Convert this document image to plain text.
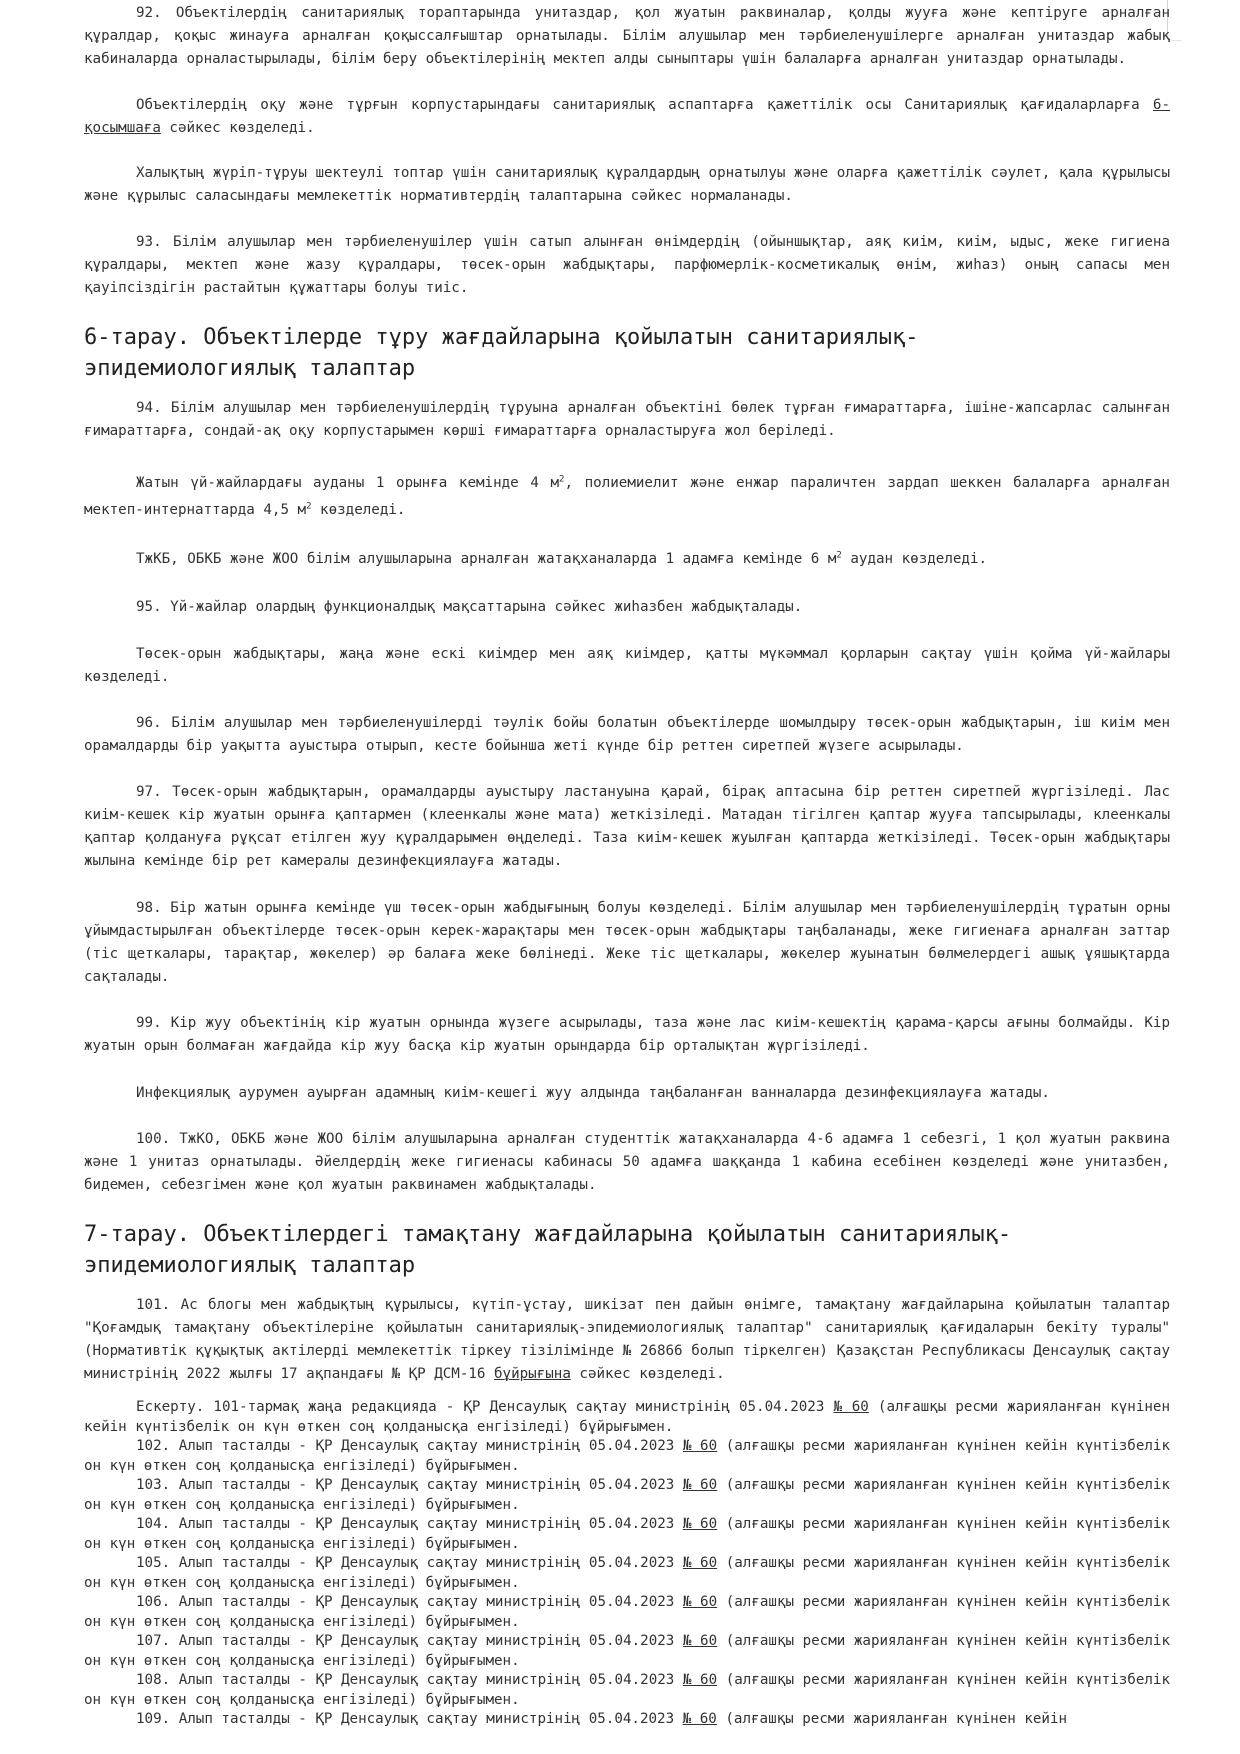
92. Объектілердің санитариялық тораптарында унитаздар, қол жуатын раквиналар, қолды жууға және кептіруге арналған құралдар, қоқыс жинауға арналған қоқыссалғыштар орнатылады. Білім алушылар мен тәрбиеленушілерге арналған унитаздар жабық кабиналарда орналастырылады, білім беру объектілерінің мектеп алды сыныптары үшін балаларға арналған унитаздар орнатылады.

Объектілердің оқу және тұрғын корпустарындағы санитариялық аспаптарға қажеттілік осы Санитариялық қағидаларларға 6-қосымшаға сәйкес көзделеді.

Халықтың жүріп-тұруы шектеулі топтар үшін санитариялық құралдардың орнатылуы және оларға қажеттілік сәулет, қала құрылысы және құрылыс саласындағы мемлекеттік нормативтердің талаптарына сәйкес нормаланады.

93. Білім алушылар мен тәрбиеленушілер үшін сатып алынған өнімдердің (ойыншықтар, аяқ киім, киім, ыдыс, жеке гигиена құралдары, мектеп және жазу құралдары, төсек-орын жабдықтары, парфюмерлік-косметикалық өнім, жиһаз) оның сапасы мен қауіпсіздігін растайтын құжаттары болуы тиіс.

6-тарау. Объектілерде тұру жағдайларына қойылатын санитариялық-эпидемиологиялық талаптар

94. Білім алушылар мен тәрбиеленушілердің тұруына арналған объектіні бөлек тұрған ғимараттарға, ішіне-жапсарлас салынған ғимараттарға, сондай-ақ оқу корпустарымен көрші ғимараттарға орналастыруға жол беріледі.

Жатын үй-жайлардағы ауданы 1 орынға кемінде 4 $м^2$, полиемиелит және енжар параличтен зардап шеккен балаларға арналған мектеп-интернаттарда 4,5 $м^2$ көзделеді.

ТжКБ, ОБКБ және ЖОО білім алушыларына арналған жатақханаларда 1 адамға кемінде 6 $м^2$ аудан көзделеді.

95. Үй-жайлар олардың функционалдық мақсаттарына сәйкес жиһазбен жабдықталады.

Төсек-орын жабдықтары, жаңа және ескі киімдер мен аяқ киімдер, қатты мүкәммал қорларын сақтау үшін қойма үй-жайлары көзделеді.

96. Білім алушылар мен тәрбиеленушілерді тәулік бойы болатын объектілерде шомылдыру төсек-орын жабдықтарын, іш киім мен орамалдарды бір уақытта ауыстыра отырып, кесте бойынша жеті күнде бір реттен сиретпей жүзеге асырылады.

97. Төсек-орын жабдықтарын, орамалдарды ауыстыру ластануына қарай, бірақ аптасына бір реттен сиретпей жүргізіледі. Лас киім-кешек кір жуатын орынға қаптармен (клеенкалы және мата) жеткізіледі. Матадан тігілген қаптар жууға тапсырылады, клеенкалы қаптар қолдануға рұқсат етілген жуу құралдарымен өңделеді. Таза киім-кешек жуылған қаптарда жеткізіледі. Төсек-орын жабдықтары жылына кемінде бір рет камералы дезинфекциялауға жатады.

98. Бір жатын орынға кемінде үш төсек-орын жабдығының болуы көзделеді. Білім алушылар мен тәрбиеленушілердің тұратын орны ұйымдастырылған объектілерде төсек-орын керек-жарақтары мен төсек-орын жабдықтары таңбаланады, жеке гигиенаға арналған заттар (тіс щеткалары, тарақтар, жөкелер) әр балаға жеке бөлінеді. Жеке тіс щеткалары, жөкелер жуынатын бөлмелердегі ашық ұяшықтарда сақталады.

99. Кір жуу объектінің кір жуатын орнында жүзеге асырылады, таза және лас киім-кешектің қарама-қарсы ағыны болмайды. Кір жуатын орын болмаған жағдайда кір жуу басқа кір жуатын орындарда бір орталықтан жүргізіледі.

Инфекциялық аурумен ауырған адамның киім-кешегі жуу алдында таңбаланған ванналарда дезинфекциялауға жатады.

100. ТжКО, ОБКБ және ЖОО білім алушыларына арналған студенттік жатақханаларда 4-6 адамға 1 себезгі, 1 қол жуатын раквина және 1 унитаз орнатылады. Әйелдердің жеке гигиенасы кабинасы 50 адамға шаққанда 1 кабина есебінен көзделеді және унитазбен, бидемен, себезгімен және қол жуатын раквинамен жабдықталады.

7-тарау. Объектілердегі тамақтану жағдайларына қойылатын санитариялық-эпидемиологиялық талаптар

101. Ас блогы мен жабдықтың құрылысы, күтіп-ұстау, шикізат пен дайын өнімге, тамақтану жағдайларына қойылатын талаптар "Қоғамдық тамақтану объектілеріне қойылатын санитариялық-эпидемиологиялық талаптар" санитариялық қағидаларын бекіту туралы" (Нормативтік құқықтық актілерді мемлекеттік тіркеу тізілімінде № 26866 болып тіркелген) Қазақстан Республикасы Денсаулық сақтау министрінің 2022 жылғы 17 ақпандағы № ҚР ДСМ-16 бұйрығына сәйкес көзделеді.

Ескерту. 101-тармақ жаңа редакцияда - ҚР Денсаулық сақтау министрінің 05.04.2023 № 60 (алғашқы ресми жарияланған күнінен кейін күнтізбелік он күн өткен соң қолданысқа енгізіледі) бұйрығымен.

102. Алып тасталды - ҚР Денсаулық сақтау министрінің 05.04.2023 № 60 (алғашқы ресми жарияланған күнінен кейін күнтізбелік он күн өткен соң қолданысқа енгізіледі) бұйрығымен.

103. Алып тасталды - ҚР Денсаулық сақтау министрінің 05.04.2023 № 60 (алғашқы ресми жарияланған күнінен кейін күнтізбелік он күн өткен соң қолданысқа енгізіледі) бұйрығымен.

104. Алып тасталды - ҚР Денсаулық сақтау министрінің 05.04.2023 № 60 (алғашқы ресми жарияланған күнінен кейін күнтізбелік он күн өткен соң қолданысқа енгізіледі) бұйрығымен.

105. Алып тасталды - ҚР Денсаулық сақтау министрінің 05.04.2023 № 60 (алғашқы ресми жарияланған күнінен кейін күнтізбелік он күн өткен соң қолданысқа енгізіледі) бұйрығымен.

106. Алып тасталды - ҚР Денсаулық сақтау министрінің 05.04.2023 № 60 (алғашқы ресми жарияланған күнінен кейін күнтізбелік он күн өткен соң қолданысқа енгізіледі) бұйрығымен.

107. Алып тасталды - ҚР Денсаулық сақтау министрінің 05.04.2023 № 60 (алғашқы ресми жарияланған күнінен кейін күнтізбелік он күн өткен соң қолданысқа енгізіледі) бұйрығымен.

108. Алып тасталды - ҚР Денсаулық сақтау министрінің 05.04.2023 № 60 (алғашқы ресми жарияланған күнінен кейін күнтізбелік он күн өткен соң қолданысқа енгізіледі) бұйрығымен.

109. Алып тасталды - ҚР Денсаулық сақтау министрінің 05.04.2023 № 60 (алғашқы ресми жарияланған күнінен кейін
